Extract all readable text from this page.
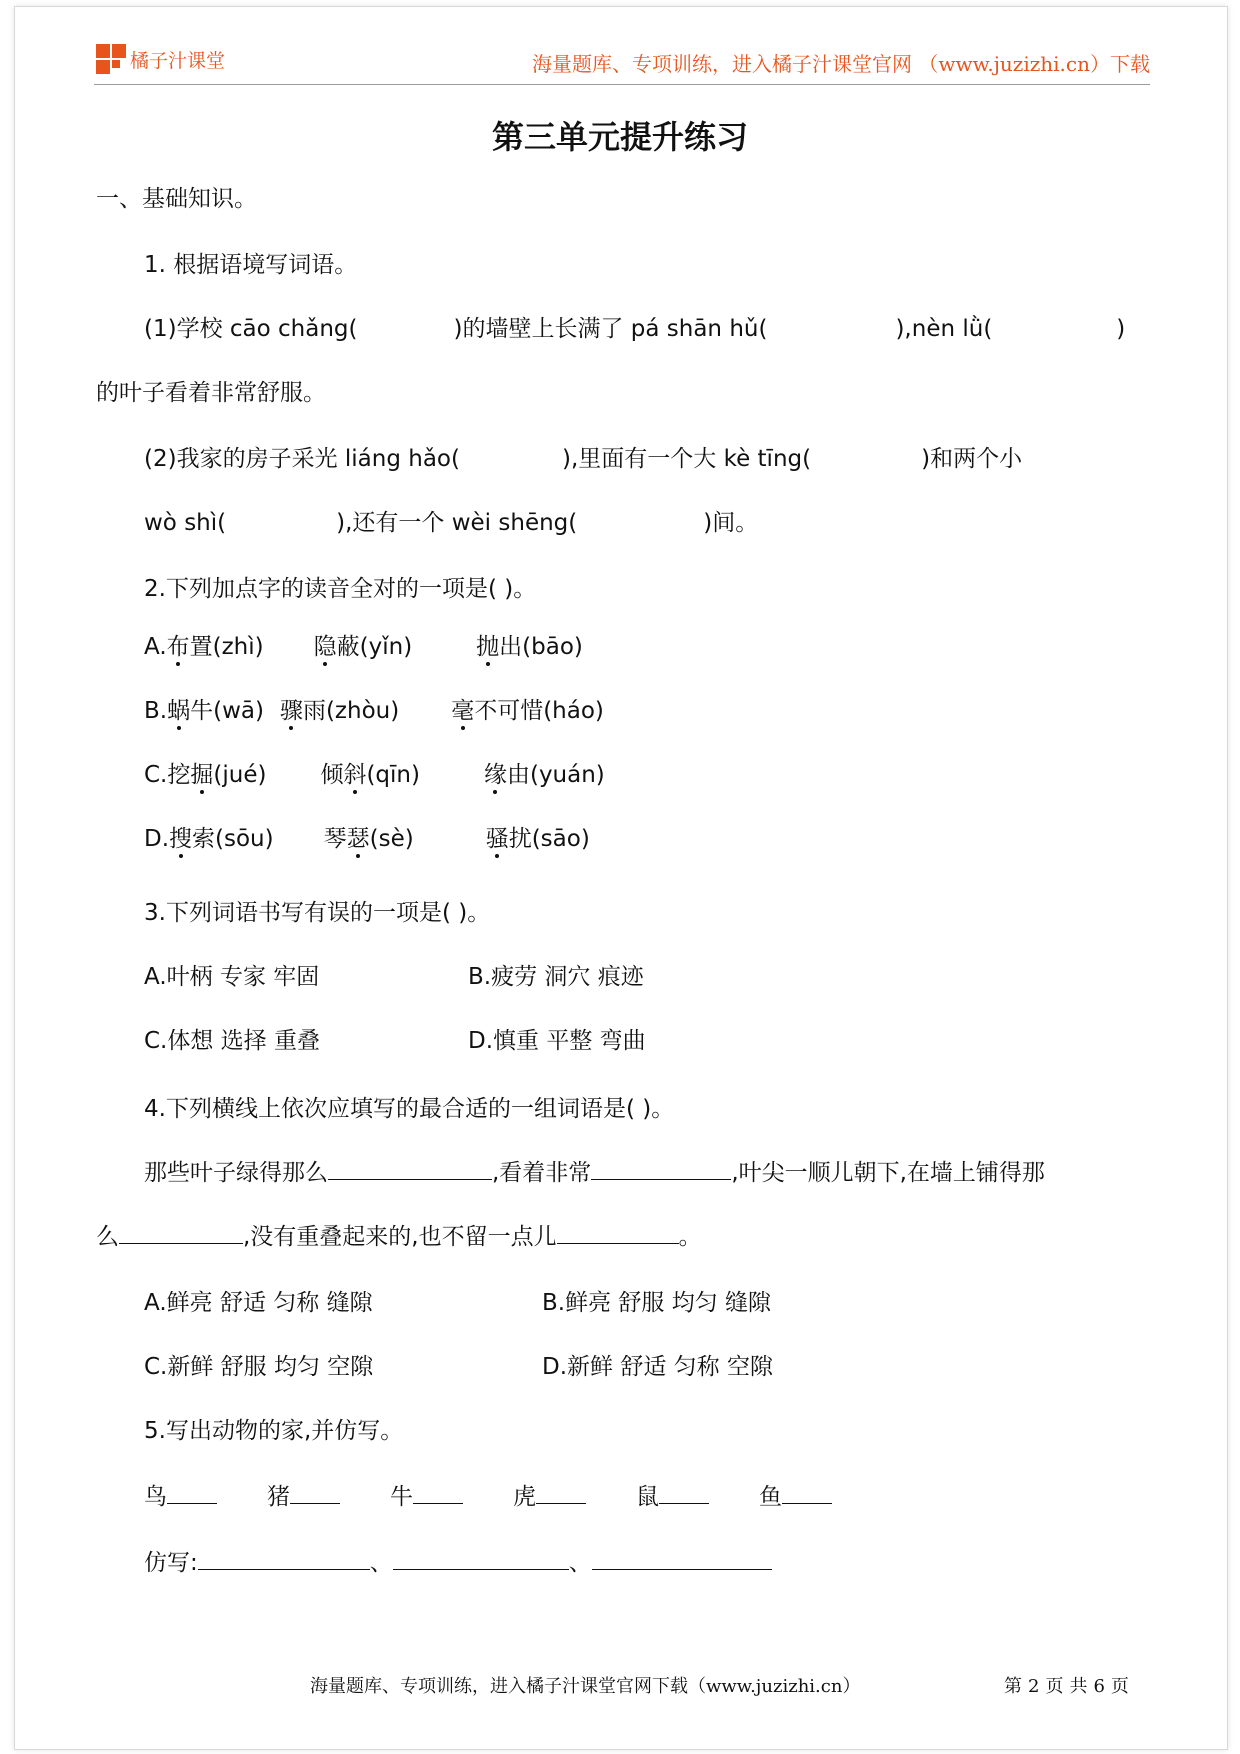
橘子汁课堂	海量题库、专项训练，进入橘子汁课堂官网 （www.juzizhi.cn）下载
第三单元提升练习
一、基础知识。
1. 根据语境写词语。
(1)学校 cāo chǎng(	)的墙壁上长满了 pá shān hǔ(	),nèn lǜ(	)
的叶子看着非常舒服。
(2)我家的房子采光 liáng hǎo(	),里面有一个大 kè tīng(	)和两个小
wò shì(	),还有一个 wèi shēng(	)间。
2.下列加点字的读音全对的一项是( )。
A.布置(zhì) 隐蔽(yǐn)	抛出(bāo)
B.蜗牛(wā) 骤雨(zhòu) 毫不可惜(háo)
C.挖掘(jué) 倾斜(qīn)	缘由(yuán)
D.搜索(sōu) 琴瑟(sè)	骚扰(sāo)
3.下列词语书写有误的一项是( )。
A.叶柄 专家 牢固	B.疲劳 洞穴 痕迹
C.体想 选择 重叠	D.慎重 平整 弯曲
4.下列横线上依次应填写的最合适的一组词语是( )。
那些叶子绿得那么	,看着非常	,叶尖一顺儿朝下,在墙上铺得那
么	,没有重叠起来的,也不留一点儿	。
A.鲜亮 舒适 匀称 缝隙	B.鲜亮 舒服 均匀 缝隙
C.新鲜 舒服 均匀 空隙	D.新鲜 舒适 匀称 空隙
5.写出动物的家,并仿写。
鸟	猪	牛	虎	鼠	鱼
仿写:	、	、
海量题库、专项训练，进入橘子汁课堂官网下载（www.juzizhi.cn）	第 2 页 共 6 页
